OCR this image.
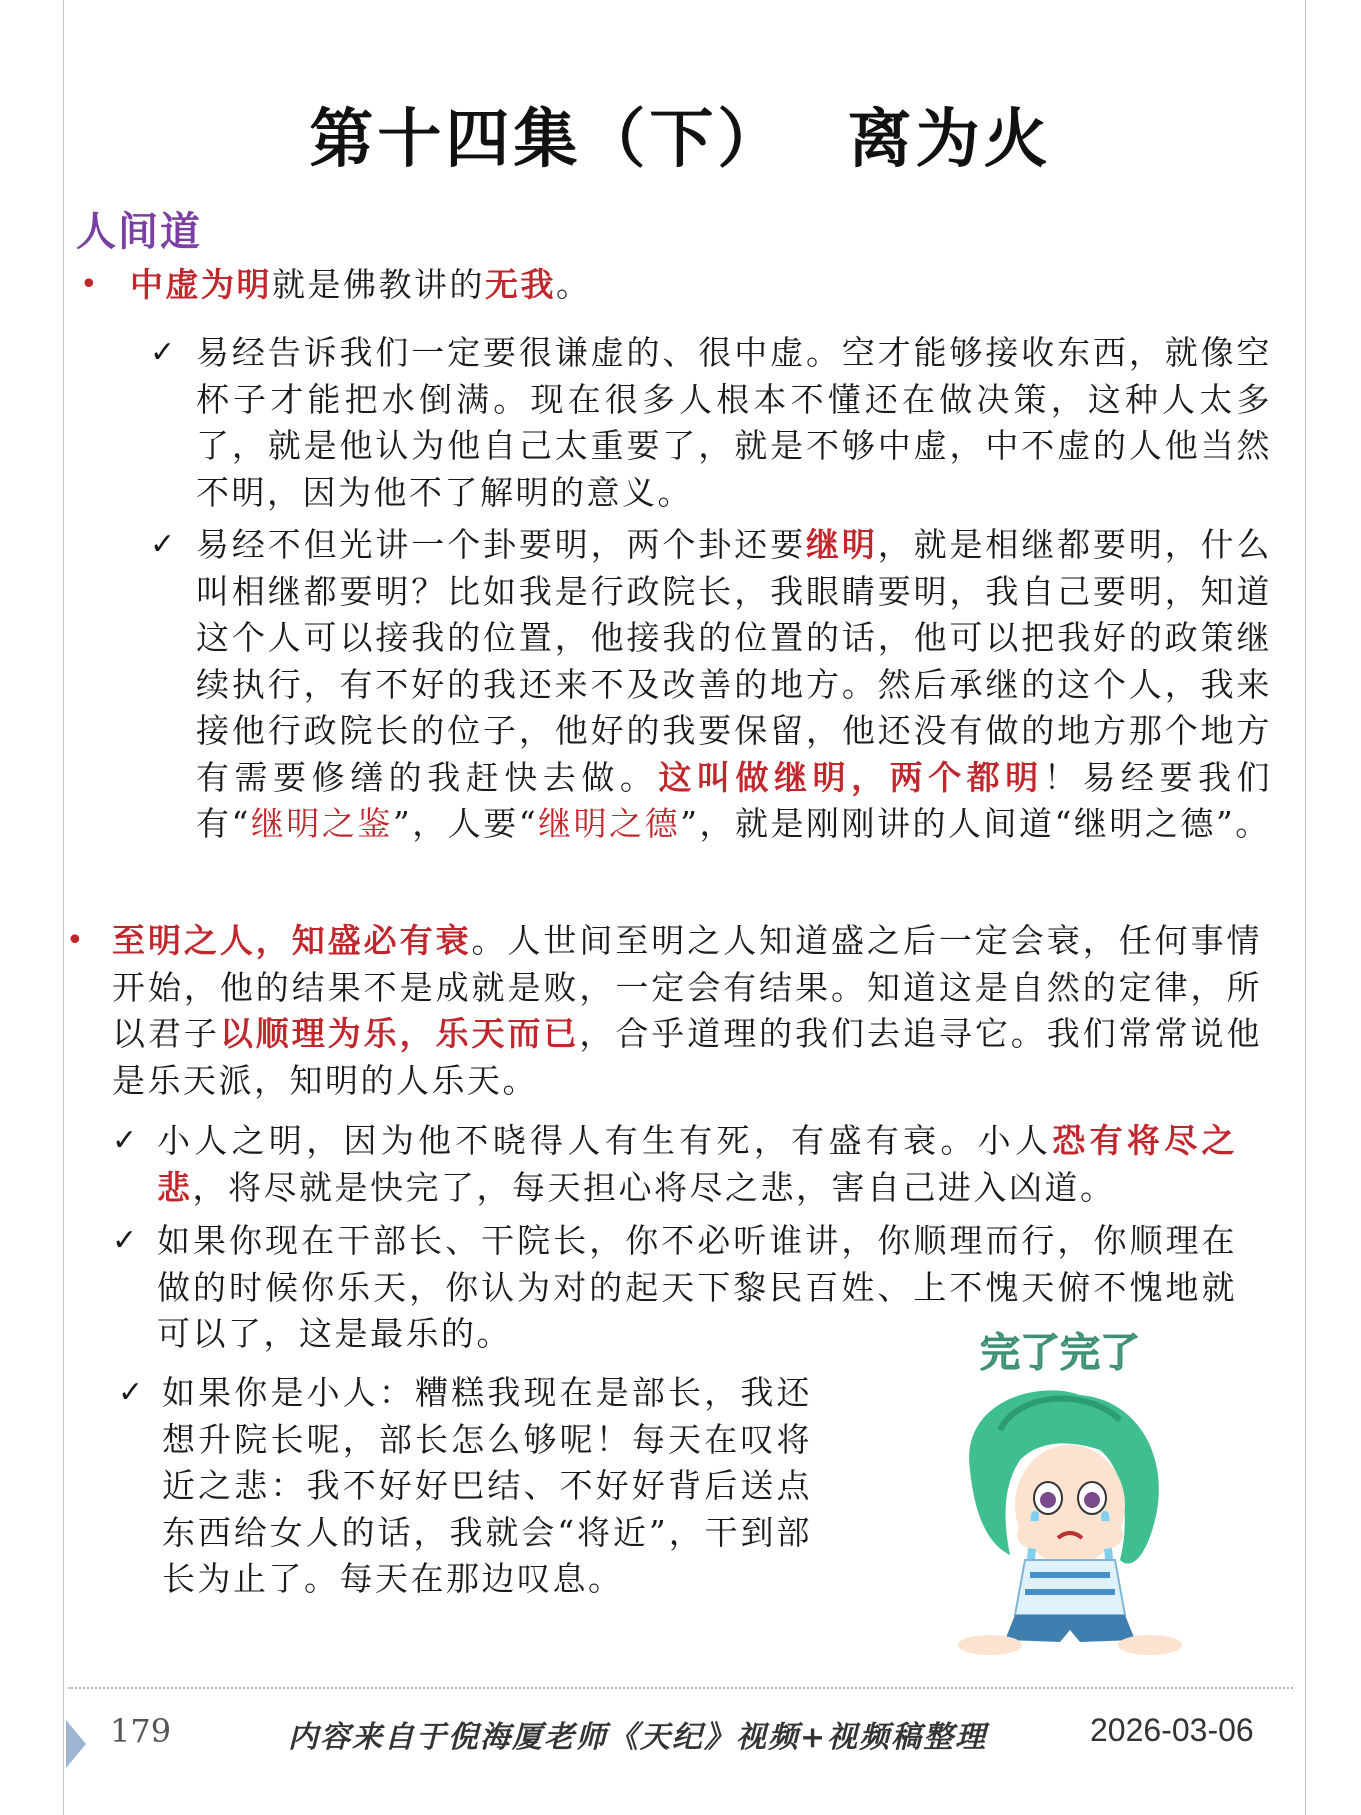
第十四集（下）　 离为火
人间道
• 中虚为明就是佛教讲的无我。
✓ 易经告诉我们一定要很谦虚的、很中虚。空才能够接收东西，就像空杯子才能把水倒满。现在很多人根本不懂还在做决策，这种人太多了，就是他认为他自己太重要了，就是不够中虚，中不虚的人他当然不明，因为他不了解明的意义。
✓ 易经不但光讲一个卦要明，两个卦还要继明，就是相继都要明，什么叫相继都要明？比如我是行政院长，我眼睛要明，我自己要明，知道这个人可以接我的位置，他接我的位置的话，他可以把我好的政策继续执行，有不好的我还来不及改善的地方。然后承继的这个人，我来接他行政院长的位子，他好的我要保留，他还没有做的地方那个地方有需要修缮的我赶快去做。这叫做继明，两个都明！易经要我们有“继明之鉴”，人要“继明之德”，就是刚刚讲的人间道“继明之德”。
• 至明之人，知盛必有衰。人世间至明之人知道盛之后一定会衰，任何事情开始，他的结果不是成就是败，一定会有结果。知道这是自然的定律，所以君子以顺理为乐，乐天而已，合乎道理的我们去追寻它。我们常常说他是乐天派，知明的人乐天。
✓ 小人之明，因为他不晓得人有生有死，有盛有衰。小人恐有将尽之悲，将尽就是快完了，每天担心将尽之悲，害自己进入凶道。
✓ 如果你现在干部长、干院长，你不必听谁讲，你顺理而行，你顺理在做的时候你乐天，你认为对的起天下黎民百姓、上不愧天俯不愧地就可以了，这是最乐的。
✓ 如果你是小人：糟糕我现在是部长，我还想升院长呢，部长怎么够呢！每天在叹将近之悲：我不好好巴结、不好好背后送点东西给女人的话，我就会“将近”，干到部长为止了。每天在那边叹息。
完了完了
179	内容来自于倪海厦老师《天纪》视频+视频稿整理	2026-03-06
